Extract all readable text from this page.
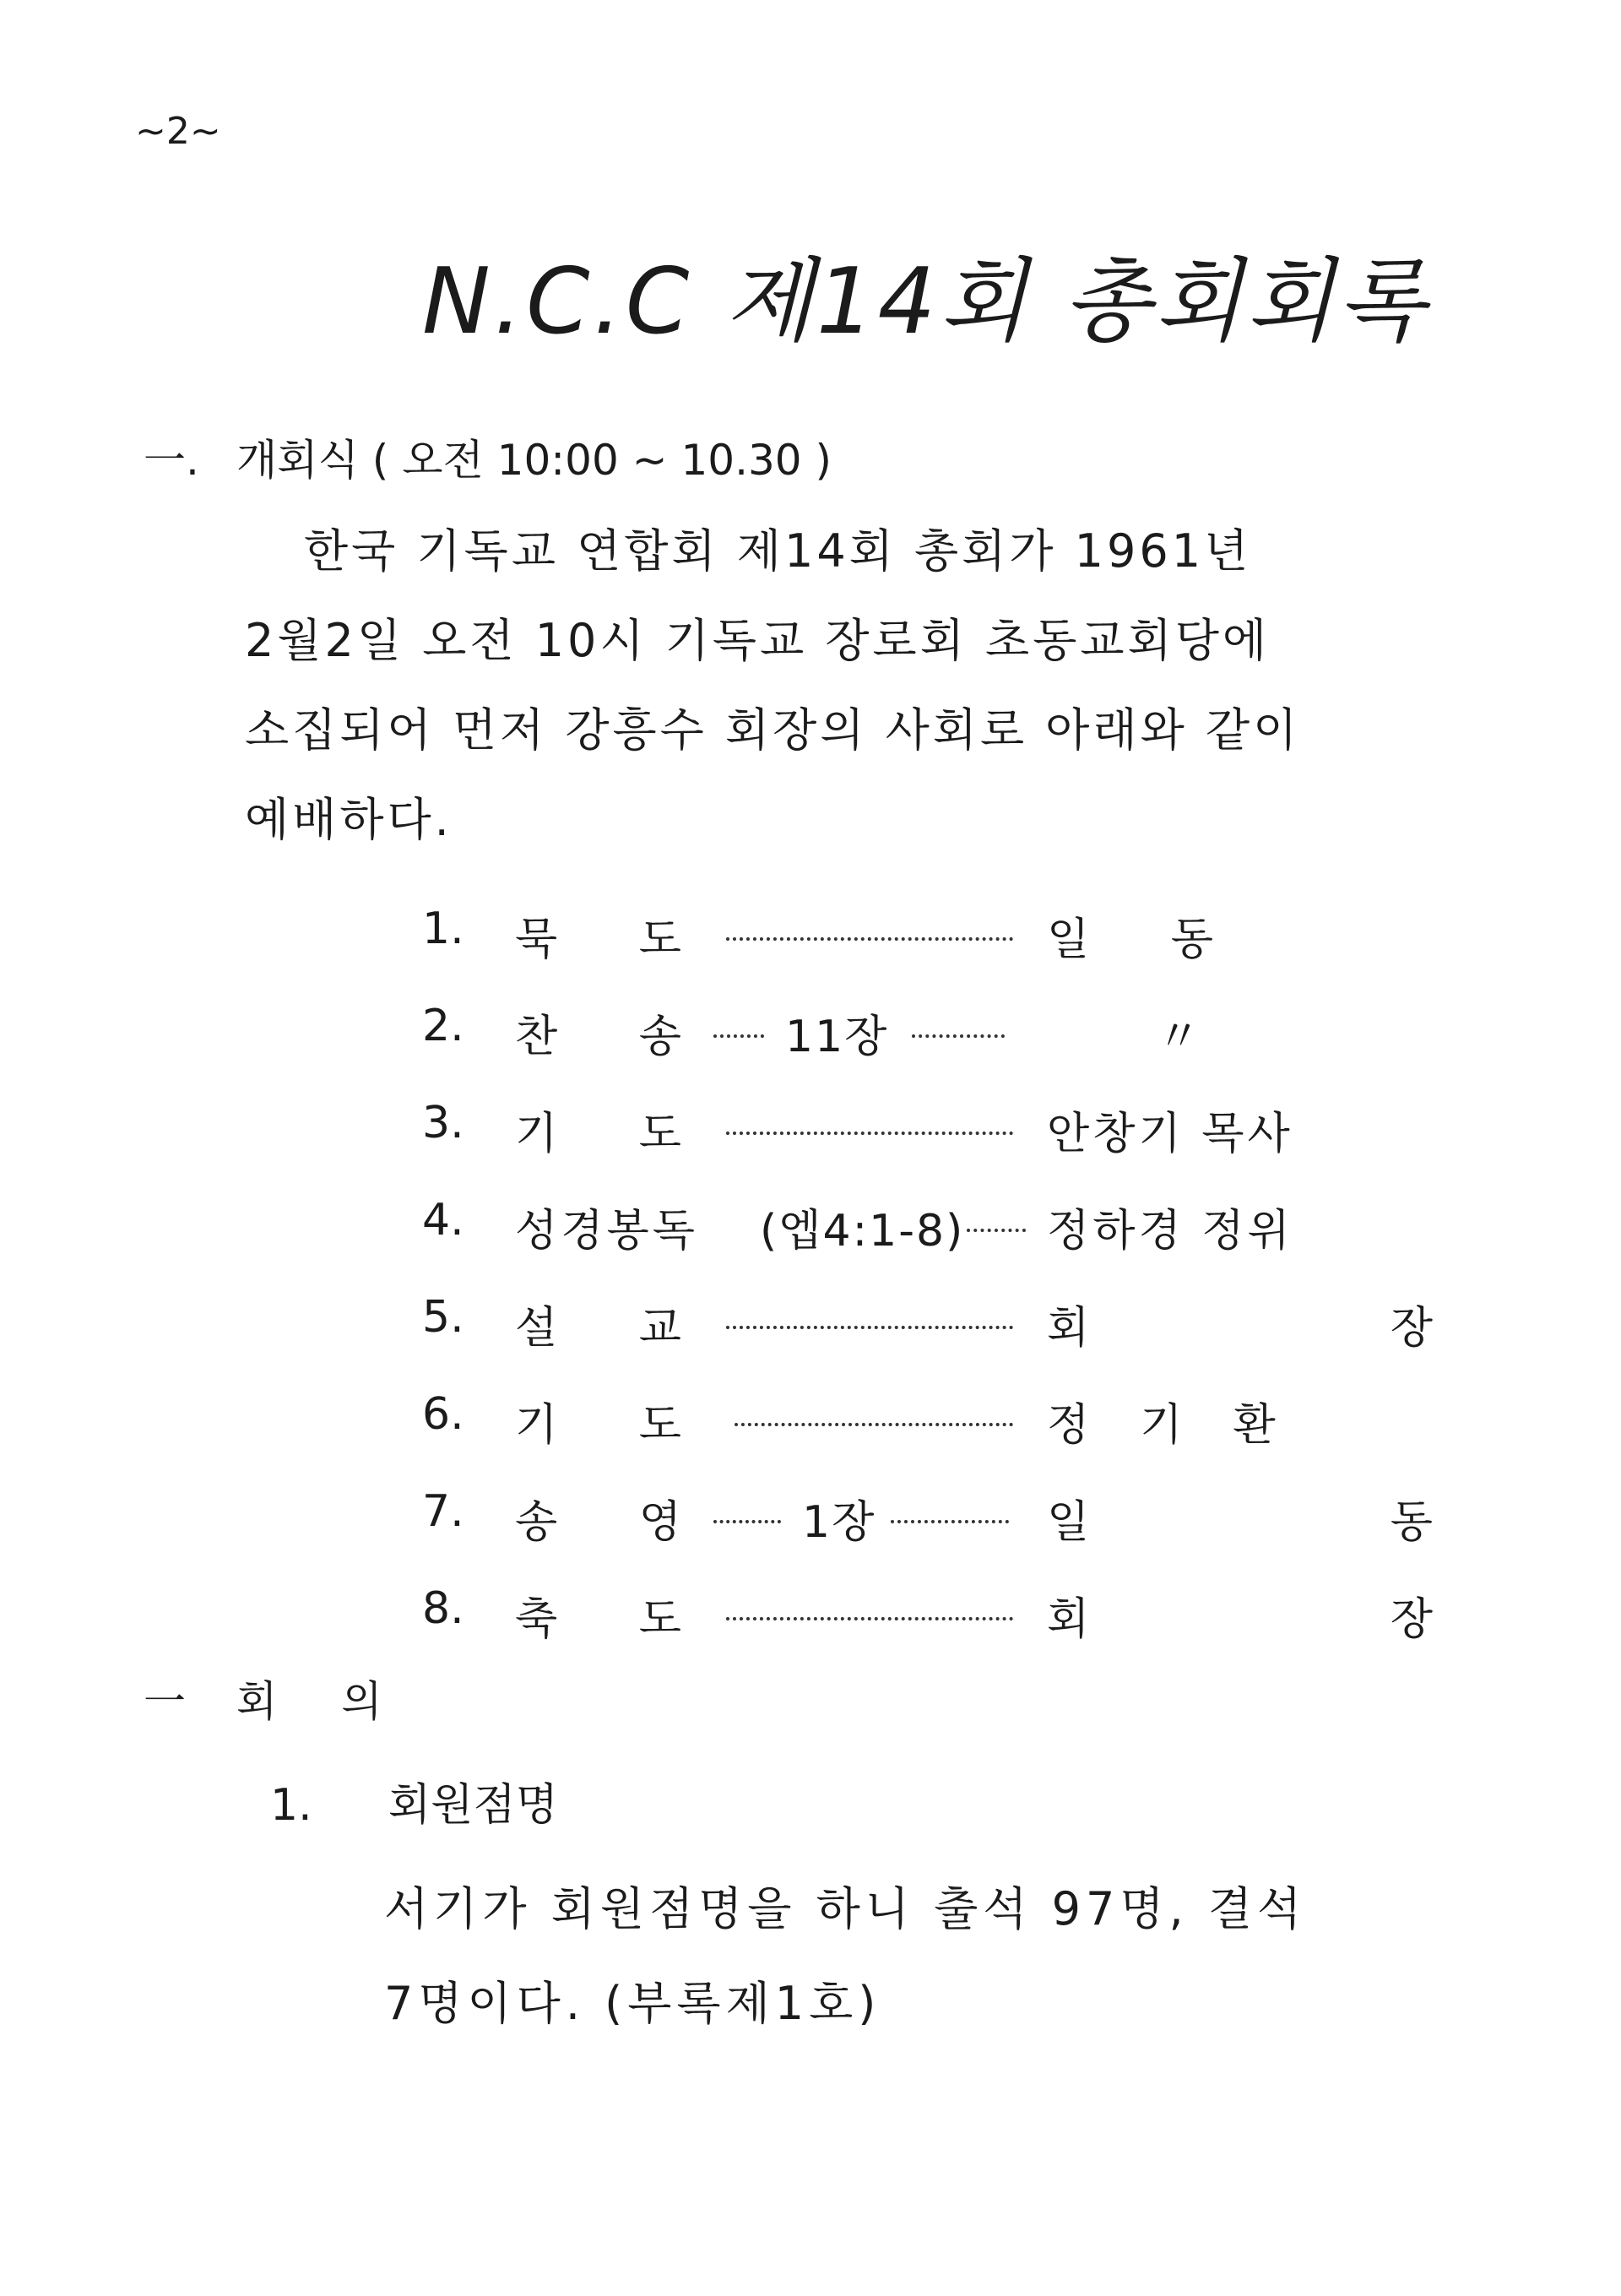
~2~
N.C.C 제14회 총회회록
一. 개회식 ( 오전 10:00 ~ 10.30 )
한국 기독교 연합회 제14회 총회가 1961년
2월2일 오전 10시 기독교 장로회 초동교회당에
소집되어 먼저 강흥수 회장의 사회로 아래와 같이
예배하다.
1. 묵 도	일 동
2. 찬 송 11장	〃
3. 기 도	안창기 목사
4. 성경봉독 (엡4:1-8) 정하경 정위
5. 설 교	회 장
6. 기 도	정기환
7. 송 영 1장	일 동
8. 축 도	회 장
一 회 의
1. 회원점명
서기가 회원점명을 하니 출석 97명, 결석
7명이다. (부록제1호)
